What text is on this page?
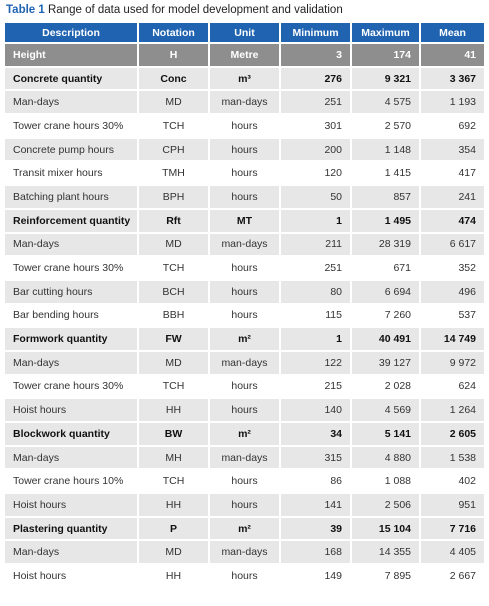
Table 1 Range of data used for model development and validation
Description	Notation	Unit	Minimum	Maximum	Mean
Height	H	Metre	3	174	41
Concrete quantity	Conc	m³	276	9 321	3 367
Man-days	MD	man-days	251	4 575	1 193
Tower crane hours 30%	TCH	hours	301	2 570	692
Concrete pump hours	CPH	hours	200	1 148	354
Transit mixer hours	TMH	hours	120	1 415	417
Batching plant hours	BPH	hours	50	857	241
Reinforcement quantity	Rft	MT	1	1 495	474
Man-days	MD	man-days	211	28 319	6 617
Tower crane hours 30%	TCH	hours	251	671	352
Bar cutting hours	BCH	hours	80	6 694	496
Bar bending hours	BBH	hours	115	7 260	537
Formwork quantity	FW	m²	1	40 491	14 749
Man-days	MD	man-days	122	39 127	9 972
Tower crane hours 30%	TCH	hours	215	2 028	624
Hoist hours	HH	hours	140	4 569	1 264
Blockwork quantity	BW	m²	34	5 141	2 605
Man-days	MH	man-days	315	4 880	1 538
Tower crane hours 10%	TCH	hours	86	1 088	402
Hoist hours	HH	hours	141	2 506	951
Plastering quantity	P	m²	39	15 104	7 716
Man-days	MD	man-days	168	14 355	4 405
Hoist hours	HH	hours	149	7 895	2 667
